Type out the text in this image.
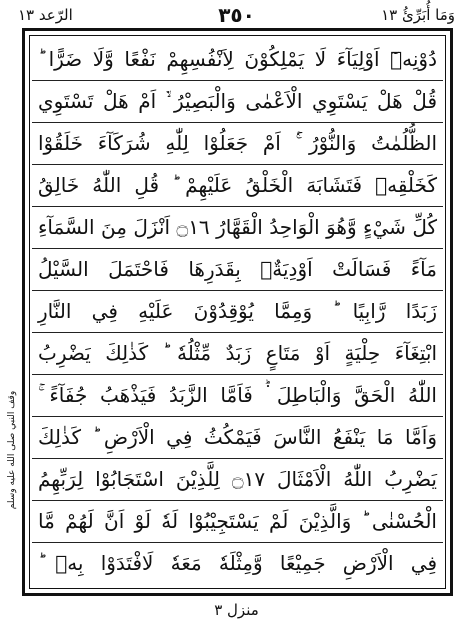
الرّعد ١٣	٣٥٠	وَمَا أُبَرِّئُ ١٣
دُوْنِهٖٓ اَوْلِيَآءَ لَا يَمْلِكُوْنَ لِاَنْفُسِهِمْ نَفْعًا وَّلَا ضَرًّا ؕ
قُلْ هَلْ يَسْتَوِي الْاَعْمٰى وَالْبَصِيْرُ ۙ۬ اَمْ هَلْ تَسْتَوِي
الظُّلُمٰتُ وَالنُّوْرُ ۚ۬ اَمْ جَعَلُوْا لِلّٰهِ شُرَكَآءَ خَلَقُوْا
كَخَلْقِهٖ فَتَشَابَهَ الْخَلْقُ عَلَيْهِمْ ؕ قُلِ اللّٰهُ خَالِقُ
كُلِّ شَيْءٍ وَّهُوَ الْوَاحِدُ الْقَهَّارُ ۝١٦ اَنْزَلَ مِنَ السَّمَآءِ
مَآءً فَسَالَتْ اَوْدِيَةٌۢ بِقَدَرِهَا فَاحْتَمَلَ السَّيْلُ
زَبَدًا رَّابِيًا ؕ وَمِمَّا يُوْقِدُوْنَ عَلَيْهِ فِي النَّارِ
ابْتِغَآءَ حِلْيَةٍ اَوْ مَتَاعٍ زَبَدٌ مِّثْلُهٗ ؕ كَذٰلِكَ يَضْرِبُ
اللّٰهُ الْحَقَّ وَالْبَاطِلَ ۬ؕ فَاَمَّا الزَّبَدُ فَيَذْهَبُ جُفَآءً ۚ
وَاَمَّا مَا يَنْفَعُ النَّاسَ فَيَمْكُثُ فِي الْاَرْضِ ؕ كَذٰلِكَ
يَضْرِبُ اللّٰهُ الْاَمْثَالَ ۝١٧ لِلَّذِيْنَ اسْتَجَابُوْا لِرَبِّهِمُ
الْحُسْنٰى ؕ وَالَّذِيْنَ لَمْ يَسْتَجِيْبُوْا لَهٗ لَوْ اَنَّ لَهُمْ مَّا
فِي الْاَرْضِ جَمِيْعًا وَّمِثْلَهٗ مَعَهٗ لَافْتَدَوْا بِهٖ ؕ
وقف النبي صلى الله عليه وسلم
منزل ٣
